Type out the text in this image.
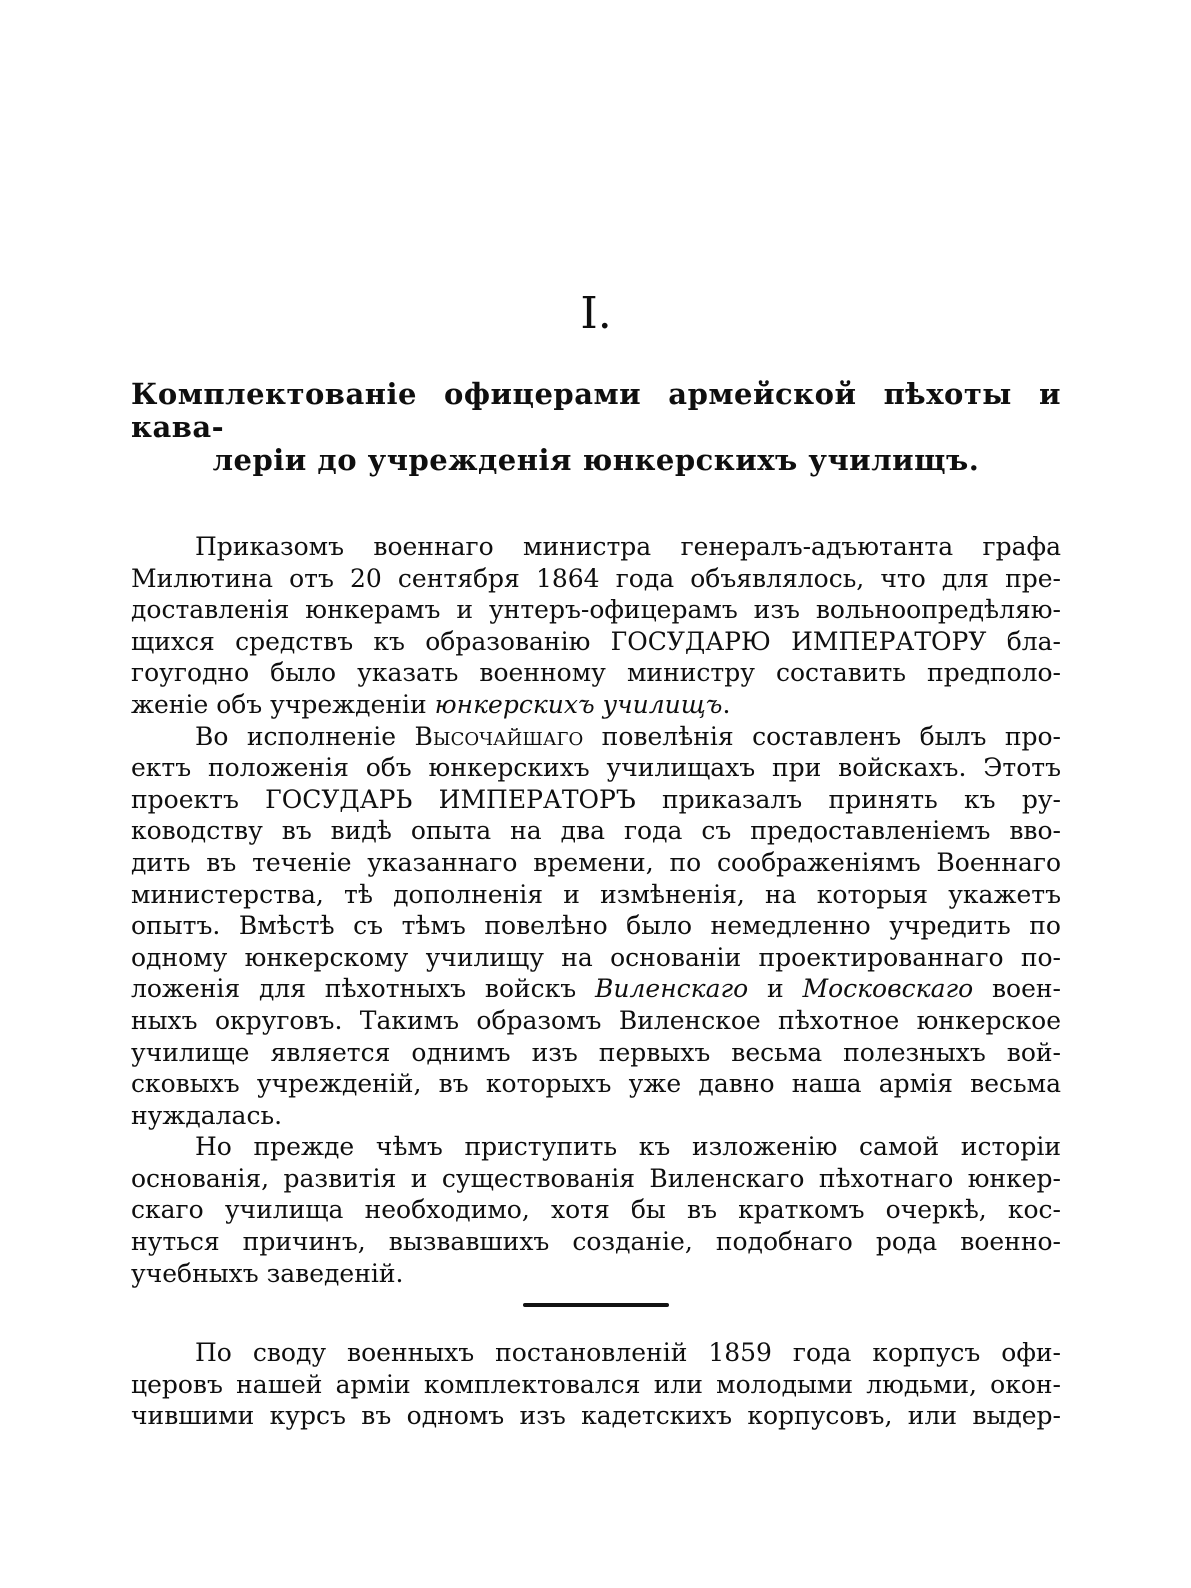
I.
Комплектованіе офицерами армейской пѣхоты и кава-
леріи до учрежденія юнкерскихъ училищъ.
Приказомъ военнаго министра генералъ-адъютанта графа
Милютина отъ 20 сентября 1864 года объявлялось, что для пре-
доставленія юнкерамъ и унтеръ-офицерамъ изъ вольноопредѣляю-
щихся средствъ къ образованію ГОСУДАРЮ ИМПЕРАТОРУ бла-
гоугодно было указать военному министру составить предполо-
женіе объ учрежденіи юнкерскихъ училищъ.
Во исполненіе Высочайшаго повелѣнія составленъ былъ про-
ектъ положенія объ юнкерскихъ училищахъ при войскахъ. Этотъ
проектъ ГОСУДАРЬ ИМПЕРАТОРЪ приказалъ принять къ ру-
ководству въ видѣ опыта на два года съ предоставленіемъ вво-
дить въ теченіе указаннаго времени, по соображеніямъ Военнаго
министерства, тѣ дополненія и измѣненія, на которыя укажетъ
опытъ. Вмѣстѣ съ тѣмъ повелѣно было немедленно учредить по
одному юнкерскому училищу на основаніи проектированнаго по-
ложенія для пѣхотныхъ войскъ Виленскаго и Московскаго воен-
ныхъ округовъ. Такимъ образомъ Виленское пѣхотное юнкерское
училище является однимъ изъ первыхъ весьма полезныхъ вой-
сковыхъ учрежденій, въ которыхъ уже давно наша армія весьма
нуждалась.
Но прежде чѣмъ приступить къ изложенію самой исторіи
основанія, развитія и существованія Виленскаго пѣхотнаго юнкер-
скаго училища необходимо, хотя бы въ краткомъ очеркѣ, кос-
нуться причинъ, вызвавшихъ созданіе, подобнаго рода военно-
учебныхъ заведеній.
По своду военныхъ постановленій 1859 года корпусъ офи-
церовъ нашей арміи комплектовался или молодыми людьми, окон-
чившими курсъ въ одномъ изъ кадетскихъ корпусовъ, или выдер-
